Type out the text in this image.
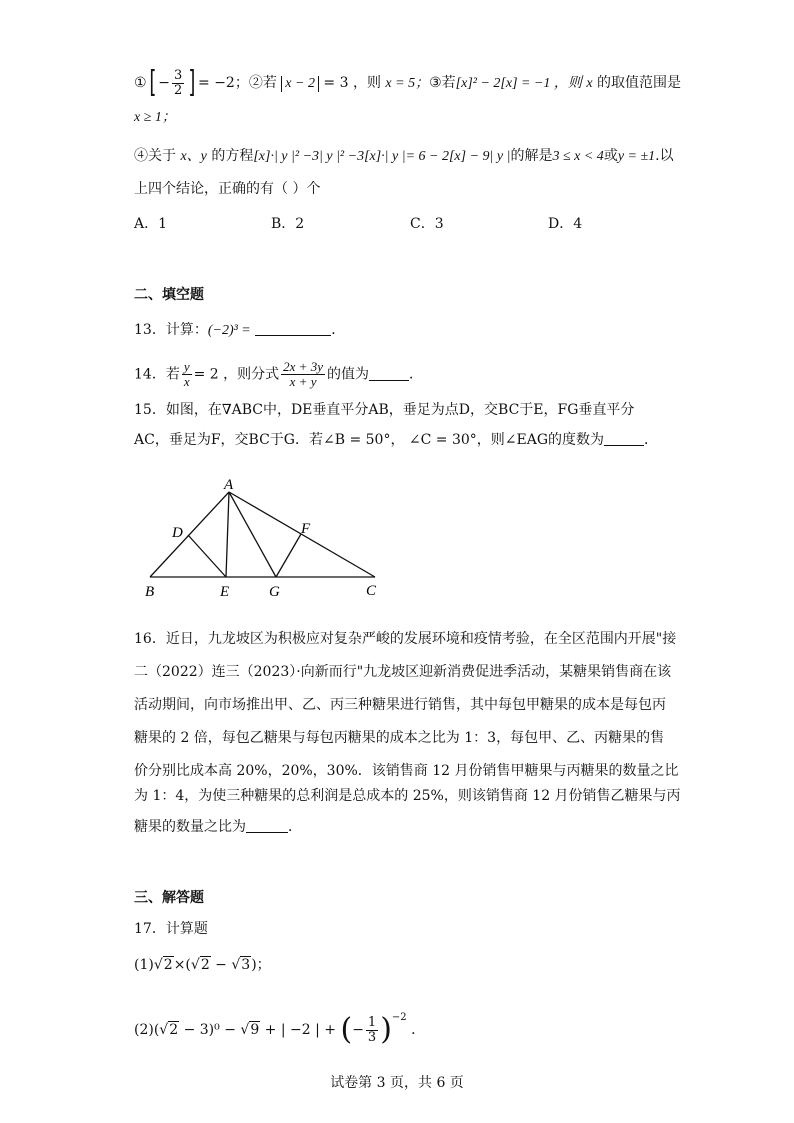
①[ − $\frac{3}{2}$ ] = −2；②若 x − 2 = 3 ，则 x = 5；③若[x]² − 2[x] = −1 ，则 x 的取值范围是
x ≥ 1；
④关于 x、y 的方程[x]·| y |² −3| y |² −3[x]·| y |= 6 − 2[x] − 9| y |的解是3 ≤ x < 4或y = ±1.以
上四个结论，正确的有（ ）个
A．1	B．2	C．3	D．4
二、填空题
13．计算：(−2)³ =	．
14．若 $\frac{y}{x} = 2$ ，则分式 $\frac{2x + 3y}{x + y}$ 的值为	．
15．如图，在∇ABC中，DE垂直平分AB，垂足为点D，交BC于E，FG垂直平分
AC，垂足为F，交BC于G．若∠B = 50°， ∠C = 30°，则∠EAG的度数为	．
A
B	C
D
E
F
G
16．近日，九龙坡区为积极应对复杂严峻的发展环境和疫情考验，在全区范围内开展"接
二（2022）连三（2023）·向新而行"九龙坡区迎新消费促进季活动，某糖果销售商在该
活动期间，向市场推出甲、乙、丙三种糖果进行销售，其中每包甲糖果的成本是每包丙
糖果的 2 倍，每包乙糖果与每包丙糖果的成本之比为 1：3，每包甲、乙、丙糖果的售
价分别比成本高 20%，20%，30%．该销售商 12 月份销售甲糖果与丙糖果的数量之比
为 1：4，为使三种糖果的总利润是总成本的 25%，则该销售商 12 月份销售乙糖果与丙
糖果的数量之比为	．
三、解答题
17．计算题
(1)√2×(√2 − √3)；
(2)(√2 − 3)⁰ − √9 + | −2 | + (− $\frac{1}{3} )^{-2}$ ．
试卷第 3 页，共 6 页
